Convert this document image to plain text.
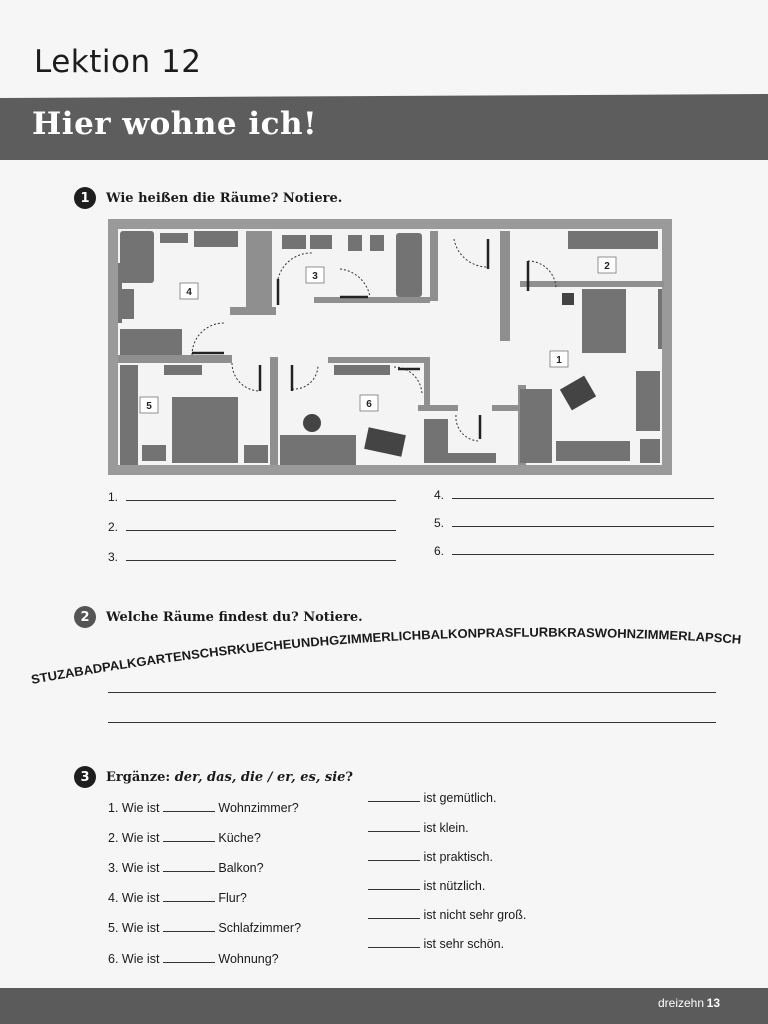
Lektion 12
Hier wohne ich!
1	Wie heißen die Räume? Notiere.
1
2
3
4
5	6
1.
2.
3.
4.
5.
6.
2	Welche Räume findest du? Notiere.
STUZABADPALKGARTENSCHSRKUECHEUNDHGZIMMERLICHBALKONPRASFLURBKRASWOHNZIMMERLAPSCH
3	Ergänze: der, das, die / er, es, sie?
1. Wie ist	Wohnzimmer?
ist gemütlich.
2. Wie ist	Küche?
ist klein.
3. Wie ist	Balkon?
ist praktisch.
4. Wie ist	Flur?
ist nützlich.
5. Wie ist	Schlafzimmer?
ist nicht sehr groß.
6. Wie ist	Wohnung?
ist sehr schön.
dreizehn 13
